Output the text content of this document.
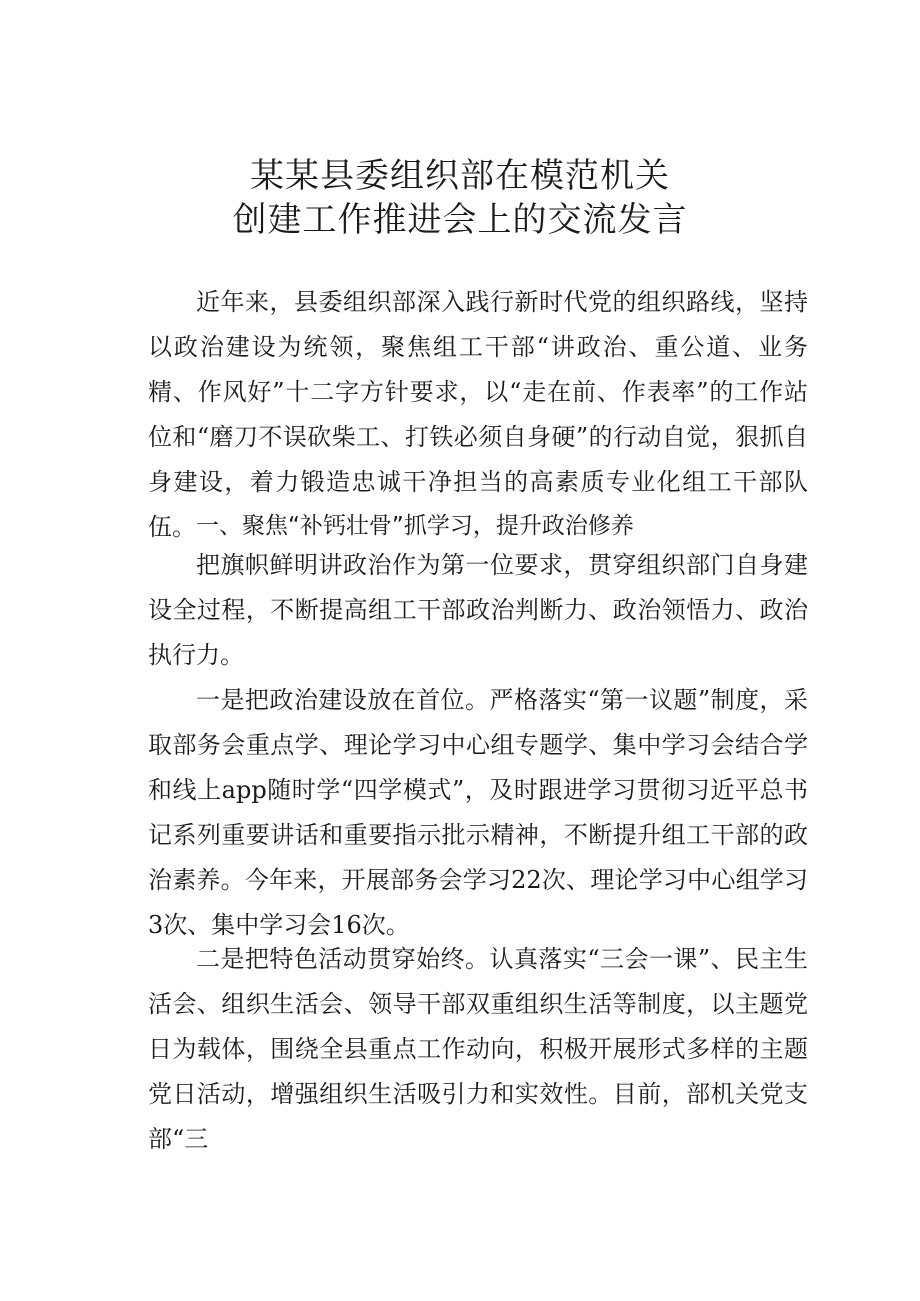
某某县委组织部在模范机关
创建工作推进会上的交流发言

近年来，县委组织部深入践行新时代党的组织路线，坚持以政治建设为统领，聚焦组工干部“讲政治、重公道、业务精、作风好”十二字方针要求，以“走在前、作表率”的工作站位和“磨刀不误砍柴工、打铁必须自身硬”的行动自觉，狠抓自身建设，着力锻造忠诚干净担当的高素质专业化组工干部队伍。 一、聚焦“补钙壮骨”抓学习，提升政治修养

把旗帜鲜明讲政治作为第一位要求，贯穿组织部门自身建设全过程，不断提高组工干部政治判断力、政治领悟力、政治执行力。

一是把政治建设放在首位。严格落实“第一议题”制度，采取部务会重点学、理论学习中心组专题学、集中学习会结合学和线上app随时学“四学模式”，及时跟进学习贯彻习近平总书记系列重要讲话和重要指示批示精神，不断提升组工干部的政治素养。今年来，开展部务会学习22次、理论学习中心组学习3次、集中学习会16次。

二是把特色活动贯穿始终。认真落实“三会一课”、民主生活会、组织生活会、领导干部双重组织生活等制度，以主题党日为载体，围绕全县重点工作动向，积极开展形式多样的主题党日活动，增强组织生活吸引力和实效性。目前，部机关党支部“三
